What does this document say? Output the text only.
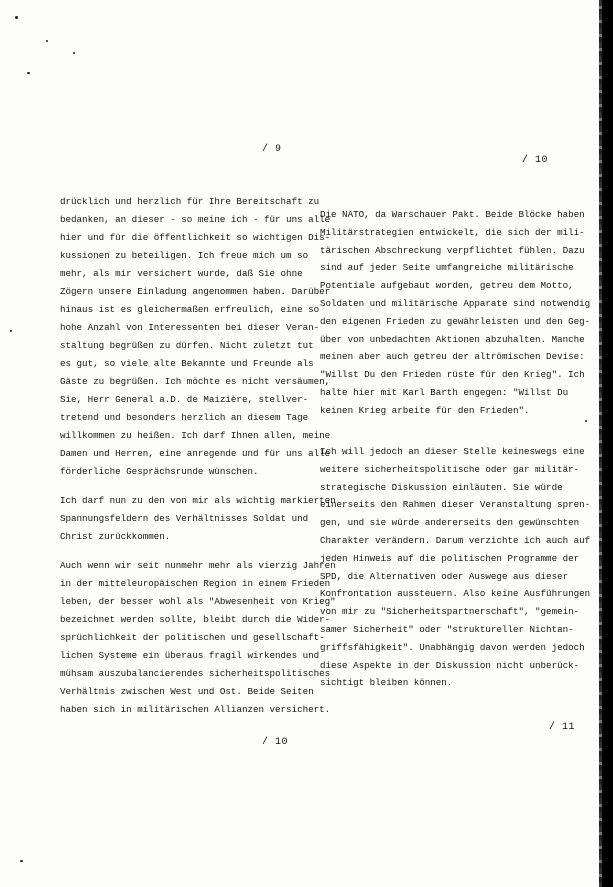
/ 9
/ 10
/ 10
/ 11
drücklich und herzlich für Ihre Bereitschaft zu
bedanken, an dieser - so meine ich - für uns alle
hier und für die öffentlichkeit so wichtigen Dis-
kussionen zu beteiligen. Ich freue mich um so
mehr, als mir versichert wurde, daß Sie ohne
Zögern unsere Einladung angenommen haben. Darüber
hinaus ist es gleichermaßen erfreulich, eine so
hohe Anzahl von Interessenten bei dieser Veran-
staltung begrüßen zu dürfen. Nicht zuletzt tut
es gut, so viele alte Bekannte und Freunde als
Gäste zu begrüßen. Ich möchte es nicht versäumen,
Sie, Herr General a.D. de Maizière, stellver-
tretend und besonders herzlich an diesem Tage
willkommen zu heißen. Ich darf Ihnen allen, meine
Damen und Herren, eine anregende und für uns alle
förderliche Gesprächsrunde wünschen.
Ich darf nun zu den von mir als wichtig markierten
Spannungsfeldern des Verhältnisses Soldat und
Christ zurückkommen.
Auch wenn wir seit nunmehr mehr als vierzig Jahren
in der mitteleuropäischen Region in einem Frieden
leben, der besser wohl als "Abwesenheit von Krieg"
bezeichnet werden sollte, bleibt durch die Wider-
sprüchlichkeit der politischen und gesellschaft-
lichen Systeme ein überaus fragil wirkendes und
mühsam auszubalancierendes sicherheitspolitisches
Verhältnis zwischen West und Ost. Beide Seiten
haben sich in militärischen Allianzen versichert.
Die NATO, da Warschauer Pakt. Beide Blöcke haben
Militärstrategien entwickelt, die sich der mili-
tärischen Abschreckung verpflichtet fühlen. Dazu
sind auf jeder Seite umfangreiche militärische
Potentiale aufgebaut worden, getreu dem Motto,
Soldaten und militärische Apparate sind notwendig
den eigenen Frieden zu gewährleisten und den Geg-
über von unbedachten Aktionen abzuhalten. Manche
meinen aber auch getreu der altrömischen Devise:
"Willst Du den Frieden rüste für den Krieg". Ich
halte hier mit Karl Barth engegen: "Willst Du
keinen Krieg arbeite für den Frieden".
Ich will jedoch an dieser Stelle keineswegs eine
weitere sicherheitspolitische oder gar militär-
strategische Diskussion einläuten. Sie würde
einerseits den Rahmen dieser Veranstaltung spren-
gen, und sie würde andererseits den gewünschten
Charakter verändern. Darum verzichte ich auch auf
jeden Hinweis auf die politischen Programme der
SPD, die Alternativen oder Auswege aus dieser
Konfrontation aussteuern. Also keine Ausführungen
von mir zu "Sicherheitspartnerschaft", "gemein-
samer Sicherheit" oder "struktureller Nichtan-
griffsfähigkeit". Unabhängig davon werden jedoch
diese Aspekte in der Diskussion nicht unberück-
sichtigt bleiben können.
